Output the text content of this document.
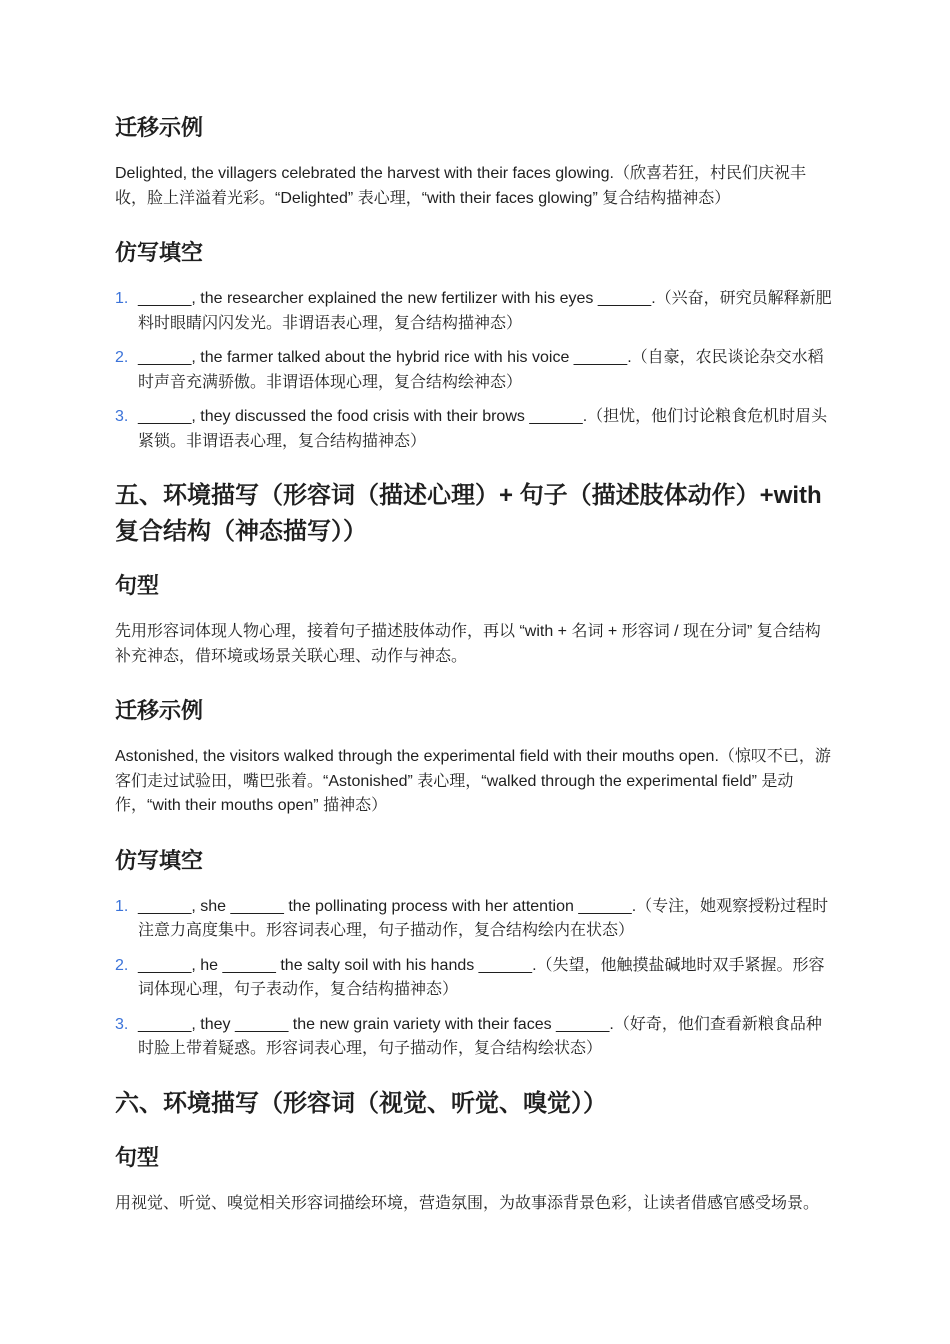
迁移示例

Delighted, the villagers celebrated the harvest with their faces glowing.（欣喜若狂，村民们庆祝丰收，脸上洋溢着光彩。“Delighted” 表心理，“with their faces glowing” 复合结构描神态）

仿写填空
1. ______, the researcher explained the new fertilizer with his eyes ______.（兴奋，研究员解释新肥料时眼睛闪闪发光。非谓语表心理，复合结构描神态）
2. ______, the farmer talked about the hybrid rice with his voice ______.（自豪，农民谈论杂交水稻时声音充满骄傲。非谓语体现心理，复合结构绘神态）
3. ______, they discussed the food crisis with their brows ______.（担忧，他们讨论粮食危机时眉头紧锁。非谓语表心理，复合结构描神态）
五、环境描写（形容词（描述心理）+ 句子（描述肢体动作）+with 复合结构（神态描写））
句型

先用形容词体现人物心理，接着句子描述肢体动作，再以 “with + 名词 + 形容词 / 现在分词” 复合结构补充神态，借环境或场景关联心理、动作与神态。

迁移示例

Astonished, the visitors walked through the experimental field with their mouths open.（惊叹不已，游客们走过试验田，嘴巴张着。“Astonished” 表心理，“walked through the experimental field” 是动作，“with their mouths open” 描神态）

仿写填空
1. ______, she ______ the pollinating process with her attention ______.（专注，她观察授粉过程时注意力高度集中。形容词表心理，句子描动作，复合结构绘内在状态）
2. ______, he ______ the salty soil with his hands ______.（失望，他触摸盐碱地时双手紧握。形容词体现心理，句子表动作，复合结构描神态）
3. ______, they ______ the new grain variety with their faces ______.（好奇，他们查看新粮食品种时脸上带着疑惑。形容词表心理，句子描动作，复合结构绘状态）
六、环境描写（形容词（视觉、听觉、嗅觉））
句型

用视觉、听觉、嗅觉相关形容词描绘环境，营造氛围，为故事添背景色彩，让读者借感官感受场景。
